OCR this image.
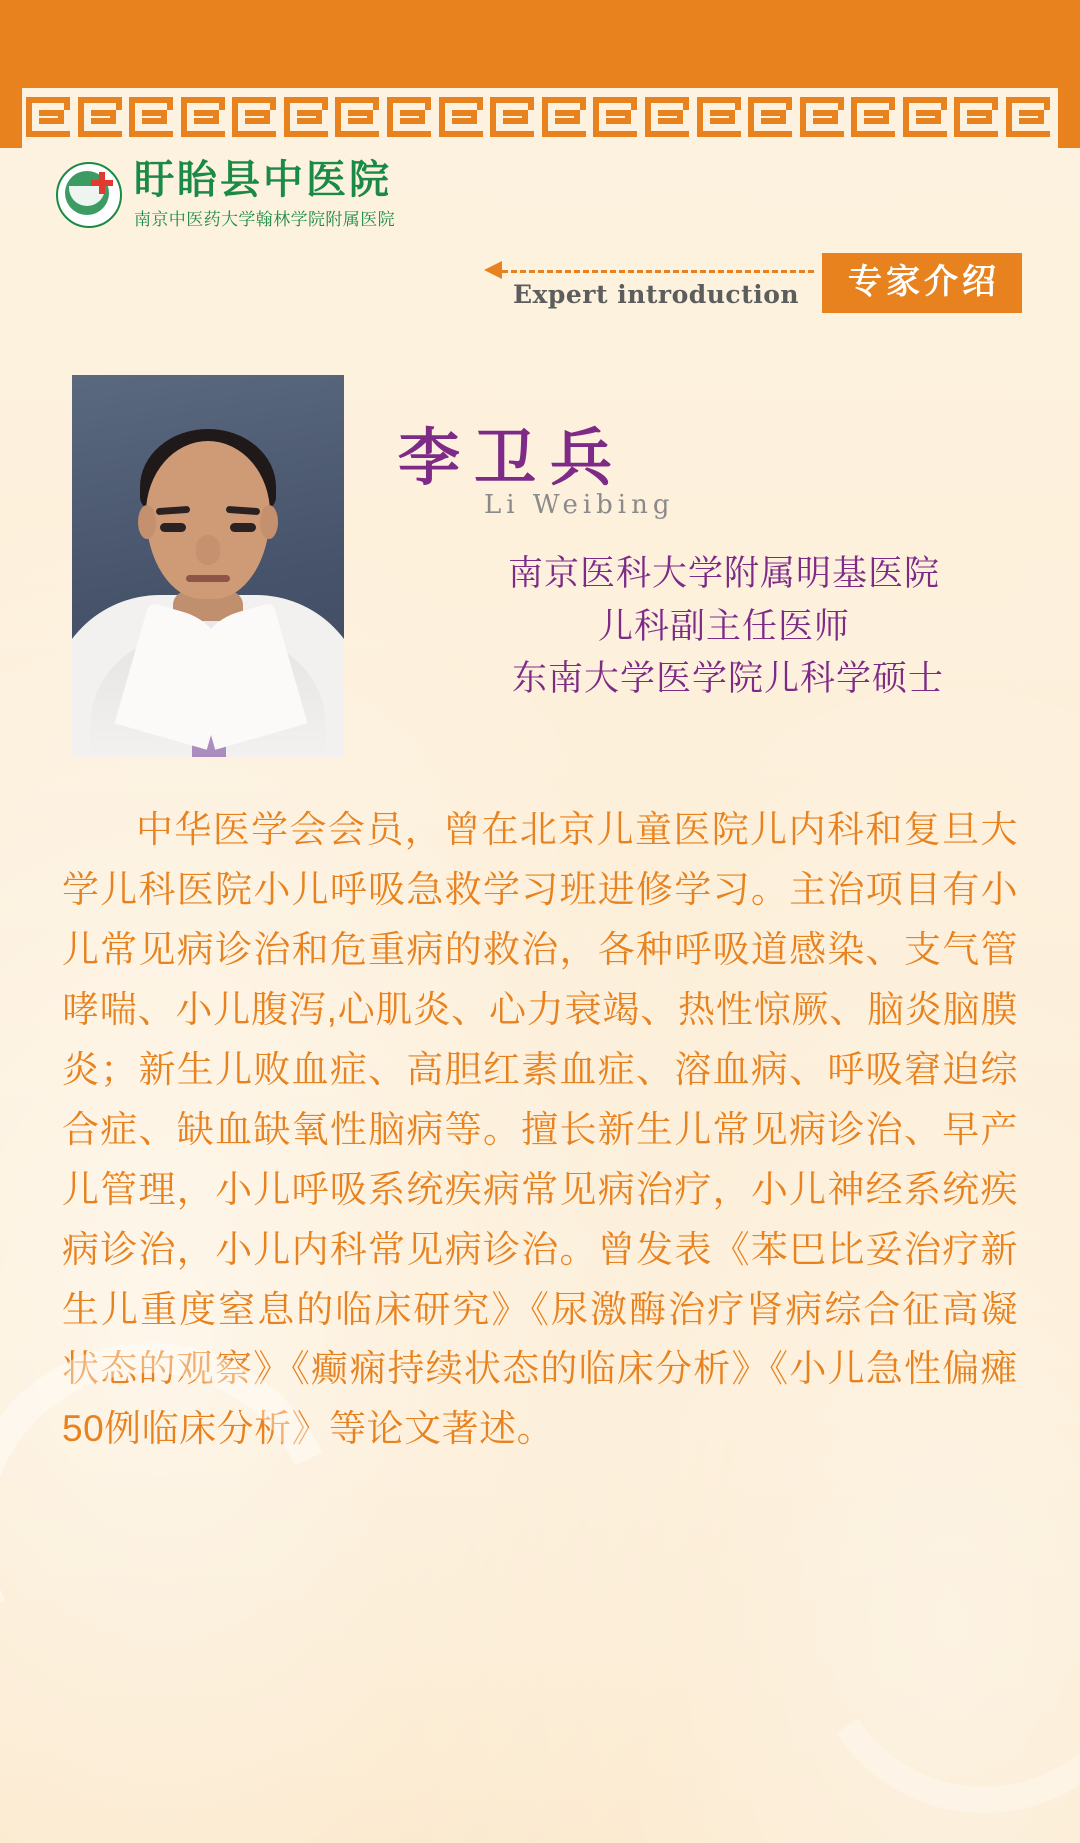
盱眙县中医院
南京中医药大学翰林学院附属医院
Expert introduction	专家介绍
李卫兵
Li Weibing
南京医科大学附属明基医院
儿科副主任医师
东南大学医学院儿科学硕士
中华医学会会员，曾在北京儿童医院儿内科和复旦大学儿科医院小儿呼吸急救学习班进修学习。主治项目有小儿常见病诊治和危重病的救治，各种呼吸道感染、支气管哮喘、小儿腹泻,心肌炎、心力衰竭、热性惊厥、脑炎脑膜炎；新生儿败血症、高胆红素血症、溶血病、呼吸窘迫综合症、缺血缺氧性脑病等。擅长新生儿常见病诊治、早产儿管理，小儿呼吸系统疾病常见病治疗，小儿神经系统疾病诊治，小儿内科常见病诊治。曾发表《苯巴比妥治疗新生儿重度窒息的临床研究》《尿激酶治疗肾病综合征高凝状态的观察》《癫痫持续状态的临床分析》《小儿急性偏瘫50例临床分析》等论文著述。
